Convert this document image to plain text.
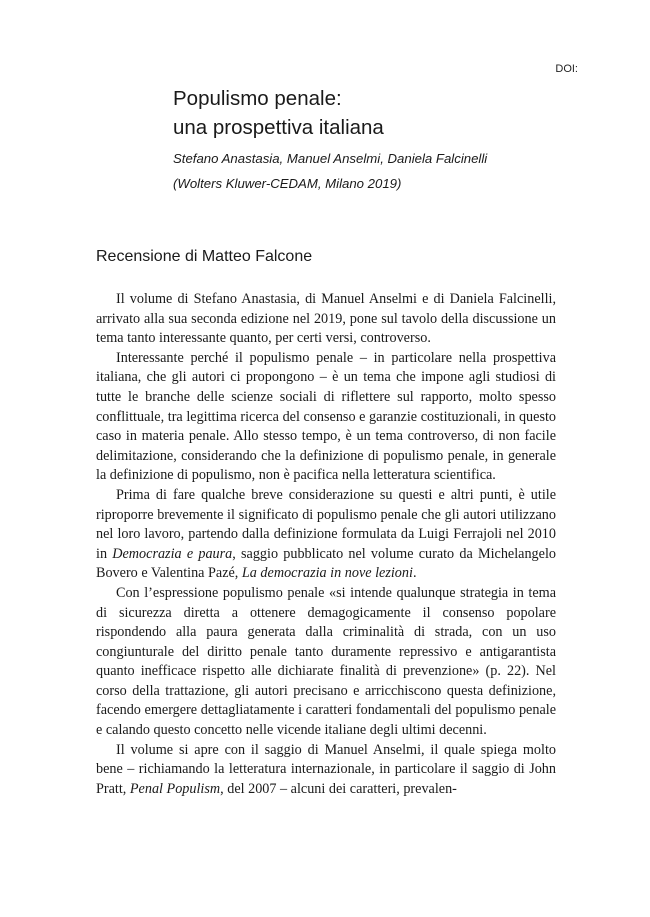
DOI:
Populismo penale:
una prospettiva italiana

Stefano Anastasia, Manuel Anselmi, Daniela Falcinelli

(Wolters Kluwer-CEDAM, Milano 2019)

Recensione di Matteo Falcone

Il volume di Stefano Anastasia, di Manuel Anselmi e di Daniela Falcinelli, arrivato alla sua seconda edizione nel 2019, pone sul tavolo della discussione un tema tanto interessante quanto, per certi versi, controverso.

Interessante perché il populismo penale – in particolare nella prospettiva italiana, che gli autori ci propongono – è un tema che impone agli studiosi di tutte le branche delle scienze sociali di riflettere sul rapporto, molto spesso conflittuale, tra legittima ricerca del consenso e garanzie costituzionali, in questo caso in materia penale. Allo stesso tempo, è un tema controverso, di non facile delimitazione, considerando che la definizione di populismo penale, in generale la definizione di populismo, non è pacifica nella letteratura scientifica.

Prima di fare qualche breve considerazione su questi e altri punti, è utile riproporre brevemente il significato di populismo penale che gli autori utilizzano nel loro lavoro, partendo dalla definizione formulata da Luigi Ferrajoli nel 2010 in Democrazia e paura, saggio pubblicato nel volume curato da Michelangelo Bovero e Valentina Pazé, La democrazia in nove lezioni.

Con l’espressione populismo penale «si intende qualunque strategia in tema di sicurezza diretta a ottenere demagogicamente il consenso popolare rispondendo alla paura generata dalla criminalità di strada, con un uso congiunturale del diritto penale tanto duramente repressivo e antigarantista quanto inefficace rispetto alle dichiarate finalità di prevenzione» (p. 22). Nel corso della trattazione, gli autori precisano e arricchiscono questa definizione, facendo emergere dettagliatamente i caratteri fondamentali del populismo penale e calando questo concetto nelle vicende italiane degli ultimi decenni.

Il volume si apre con il saggio di Manuel Anselmi, il quale spiega molto bene – richiamando la letteratura internazionale, in particolare il saggio di John Pratt, Penal Populism, del 2007 – alcuni dei caratteri, prevalen-
